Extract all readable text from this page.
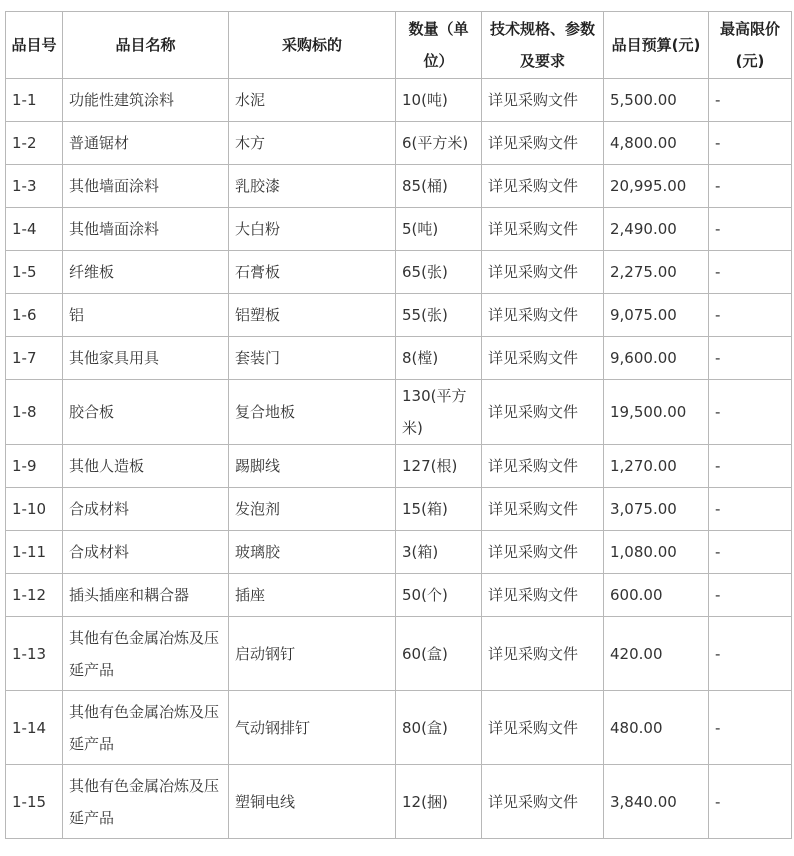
品目号	品目名称	采购标的	数量（单位）	技术规格、参数及要求	品目预算(元)	最高限价(元)
1-1	功能性建筑涂料	水泥	10(吨)	详见采购文件	5,500.00	-
1-2	普通锯材	木方	6(平方米)	详见采购文件	4,800.00	-
1-3	其他墙面涂料	乳胶漆	85(桶)	详见采购文件	20,995.00	-
1-4	其他墙面涂料	大白粉	5(吨)	详见采购文件	2,490.00	-
1-5	纤维板	石膏板	65(张)	详见采购文件	2,275.00	-
1-6	铝	铝塑板	55(张)	详见采购文件	9,075.00	-
1-7	其他家具用具	套装门	8(樘)	详见采购文件	9,600.00	-
1-8	胶合板	复合地板	130(平方米)	详见采购文件	19,500.00	-
1-9	其他人造板	踢脚线	127(根)	详见采购文件	1,270.00	-
1-10	合成材料	发泡剂	15(箱)	详见采购文件	3,075.00	-
1-11	合成材料	玻璃胶	3(箱)	详见采购文件	1,080.00	-
1-12	插头插座和耦合器	插座	50(个)	详见采购文件	600.00	-
1-13	其他有色金属冶炼及压延产品	启动钢钉	60(盒)	详见采购文件	420.00	-
1-14	其他有色金属冶炼及压延产品	气动钢排钉	80(盒)	详见采购文件	480.00	-
1-15	其他有色金属冶炼及压延产品	塑铜电线	12(捆)	详见采购文件	3,840.00	-
